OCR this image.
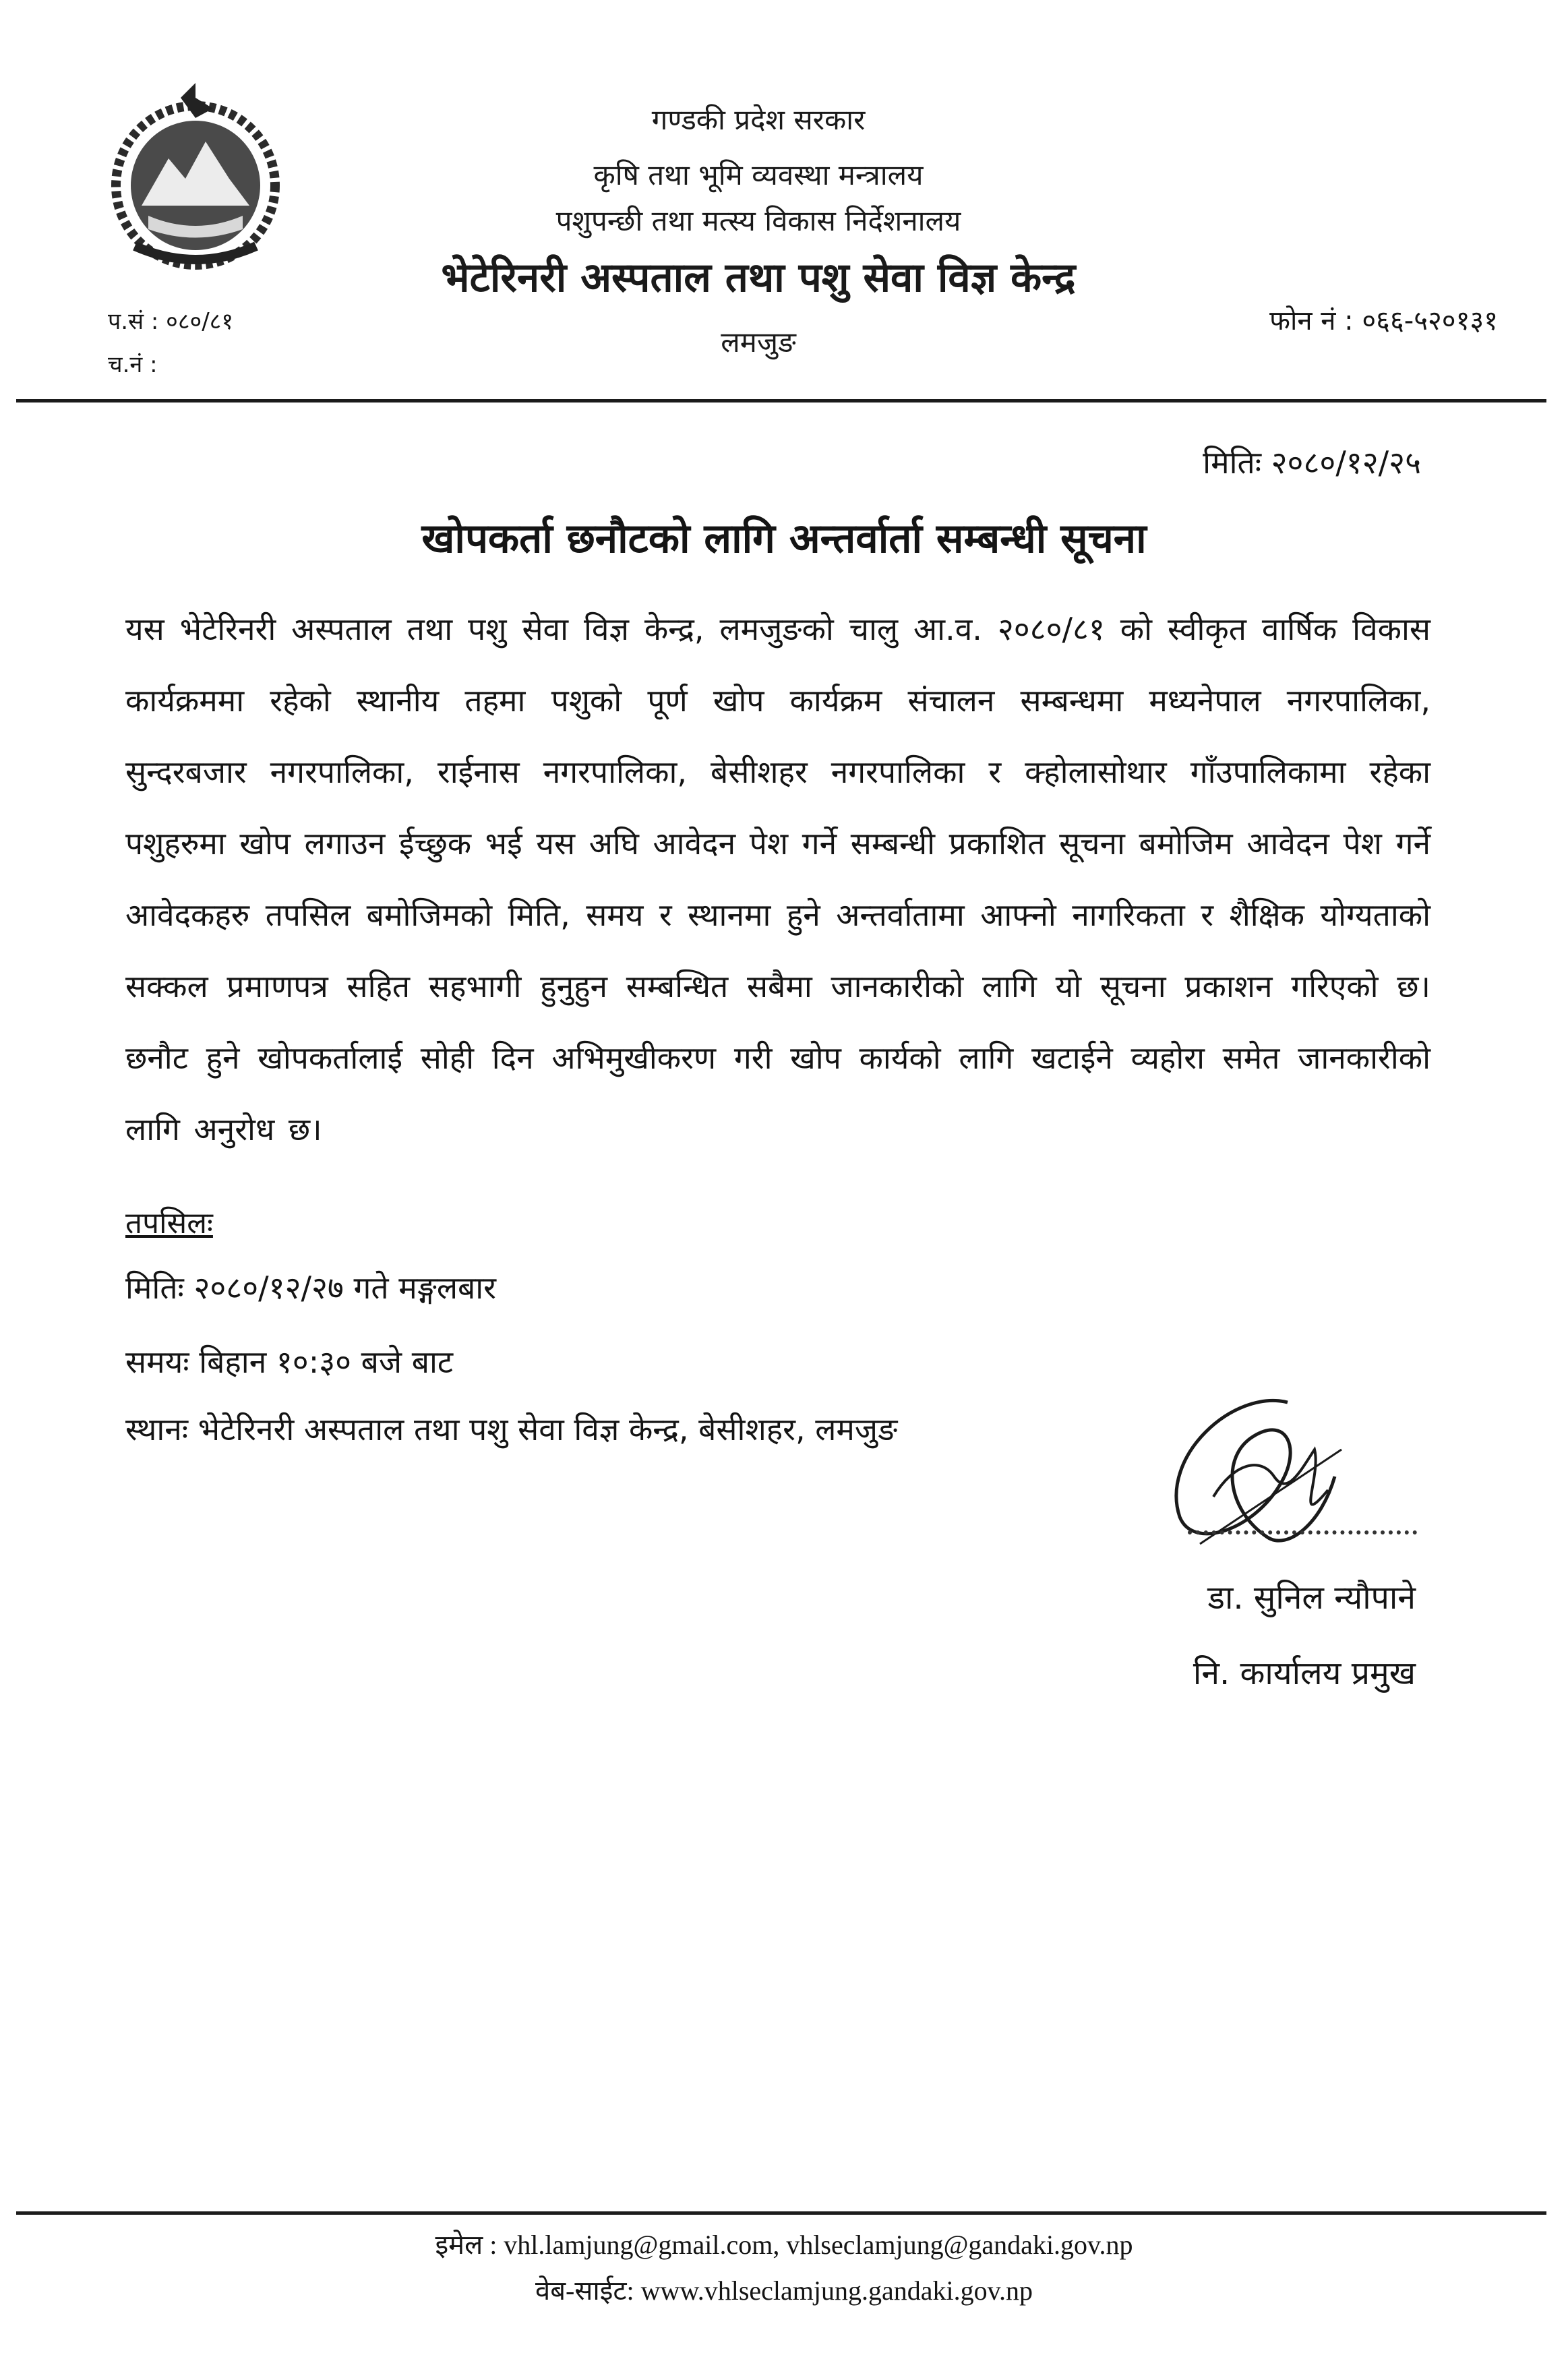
गण्डकी प्रदेश सरकार
कृषि तथा भूमि व्यवस्था मन्त्रालय
पशुपन्छी तथा मत्स्य विकास निर्देशनालय
भेटेरिनरी अस्पताल तथा पशु सेवा विज्ञ केन्द्र
लमजुङ
प.सं : ०८०/८१
च.नं :
फोन नं : ०६६-५२०१३१
मितिः २०८०/१२/२५
खोपकर्ता छनौटको लागि अन्तर्वार्ता सम्बन्धी सूचना
यस भेटेरिनरी अस्पताल तथा पशु सेवा विज्ञ केन्द्र, लमजुङको चालु आ.व. २०८०/८१ को स्वीकृत वार्षिक विकास कार्यक्रममा रहेको स्थानीय तहमा पशुको पूर्ण खोप कार्यक्रम संचालन सम्बन्धमा मध्यनेपाल नगरपालिका, सुन्दरबजार नगरपालिका, राईनास नगरपालिका, बेसीशहर नगरपालिका र क्होलासोथार गाँउपालिकामा रहेका पशुहरुमा खोप लगाउन ईच्छुक भई यस अघि आवेदन पेश गर्ने सम्बन्धी प्रकाशित सूचना बमोजिम आवेदन पेश गर्ने आवेदकहरु तपसिल बमोजिमको मिति, समय र स्थानमा हुने अन्तर्वातामा आफ्नो नागरिकता र शैक्षिक योग्यताको सक्कल प्रमाणपत्र सहित सहभागी हुनुहुन सम्बन्धित सबैमा जानकारीको लागि यो सूचना प्रकाशन गरिएको छ। छनौट हुने खोपकर्तालाई सोही दिन अभिमुखीकरण गरी खोप कार्यको लागि खटाईने व्यहोरा समेत जानकारीको लागि अनुरोध छ।
तपसिलः
मितिः २०८०/१२/२७ गते मङ्गलबार
समयः बिहान १०:३० बजे बाट
स्थानः भेटेरिनरी अस्पताल तथा पशु सेवा विज्ञ केन्द्र, बेसीशहर, लमजुङ
डा. सुनिल न्यौपाने
नि. कार्यालय प्रमुख
इमेल : vhl.lamjung@gmail.com, vhlseclamjung@gandaki.gov.np
वेब-साईट: www.vhlseclamjung.gandaki.gov.np
